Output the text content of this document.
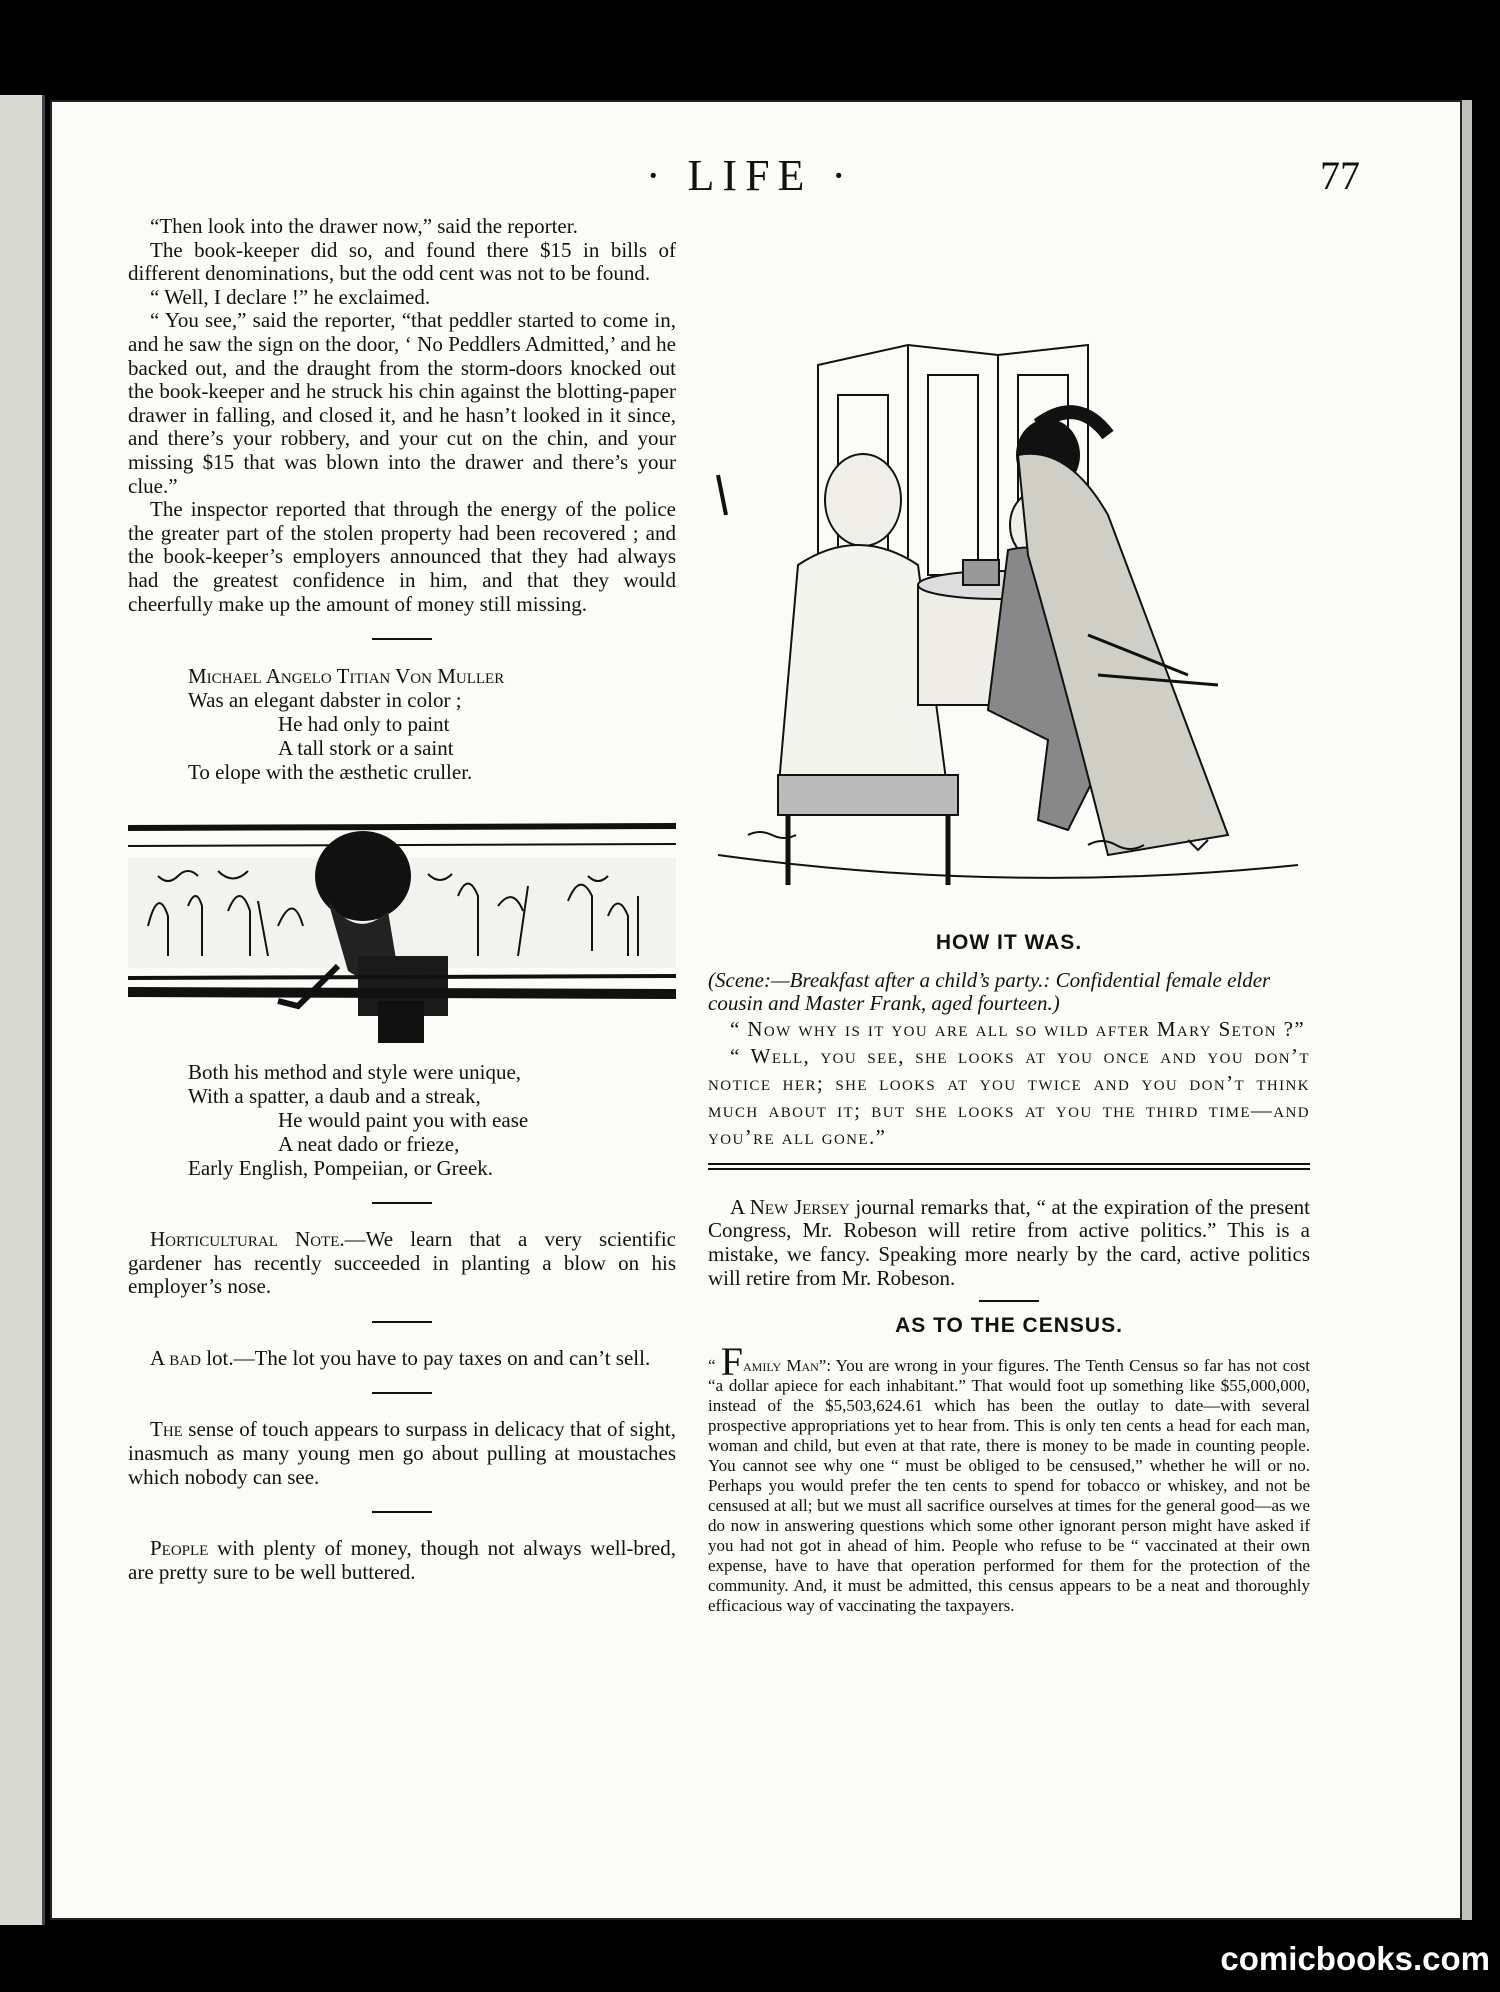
· LIFE ·	77

“Then look into the drawer now,” said the reporter.

The book-keeper did so, and found there $15 in bills of different denominations, but the odd cent was not to be found.

“ Well, I declare !” he exclaimed.

“ You see,” said the reporter, “that peddler started to come in, and he saw the sign on the door, ‘ No Peddlers Admitted,’ and he backed out, and the draught from the storm-doors knocked out the book-keeper and he struck his chin against the blotting-paper drawer in falling, and closed it, and he hasn’t looked in it since, and there’s your robbery, and your cut on the chin, and your missing $15 that was blown into the drawer and there’s your clue.”

The inspector reported that through the energy of the police the greater part of the stolen property had been recovered ; and the book-keeper’s employers announced that they had always had the greatest confidence in him, and that they would cheerfully make up the amount of money still missing.

Michael Angelo Titian Von Muller
Was an elegant dabster in color ;
He had only to paint
A tall stork or a saint
To elope with the æsthetic cruller.
Both his method and style were unique,
With a spatter, a daub and a streak,
He would paint you with ease
A neat dado or frieze,
Early English, Pompeiian, or Greek.

Horticultural Note.—We learn that a very scientific gardener has recently succeeded in planting a blow on his employer’s nose.

A bad lot.—The lot you have to pay taxes on and can’t sell.

The sense of touch appears to surpass in delicacy that of sight, inasmuch as many young men go about pulling at moustaches which nobody can see.

People with plenty of money, though not always well-bred, are pretty sure to be well buttered.

HOW IT WAS.

(Scene:—Breakfast after a child’s party.: Confidential female elder cousin and Master Frank, aged fourteen.)

“ Now why is it you are all so wild after Mary Seton ?”

“ Well, you see, she looks at you once and you don’t notice her; she looks at you twice and you don’t think much about it; but she looks at you the third time—and you’re all gone.”

A New Jersey journal remarks that, “ at the expiration of the present Congress, Mr. Robeson will retire from active politics.” This is a mistake, we fancy. Speaking more nearly by the card, active politics will retire from Mr. Robeson.

AS TO THE CENSUS.

“ Family Man”: You are wrong in your figures. The Tenth Census so far has not cost “a dollar apiece for each inhabitant.” That would foot up something like $55,000,000, instead of the $5,503,624.61 which has been the outlay to date—with several prospective appropriations yet to hear from. This is only ten cents a head for each man, woman and child, but even at that rate, there is money to be made in counting people. You cannot see why one “ must be obliged to be censused,” whether he will or no. Perhaps you would prefer the ten cents to spend for tobacco or whiskey, and not be censused at all; but we must all sacrifice ourselves at times for the general good—as we do now in answering questions which some other ignorant person might have asked if you had not got in ahead of him. People who refuse to be “ vaccinated at their own expense, have to have that operation performed for them for the protection of the community. And, it must be admitted, this census appears to be a neat and thoroughly efficacious way of vaccinating the taxpayers.

comicbooks.com
